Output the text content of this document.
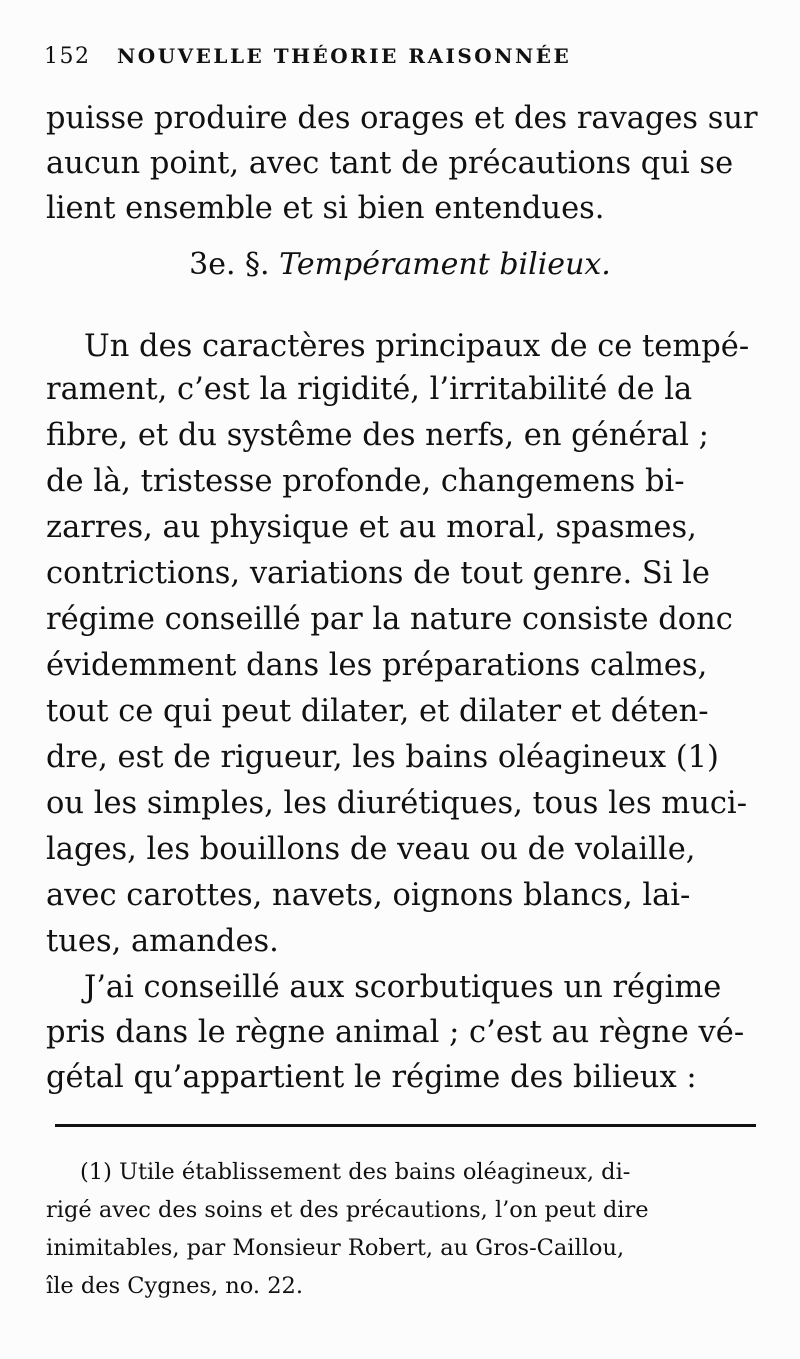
152 NOUVELLE THÉORIE RAISONNÉE
puisse produire des orages et des ravages sur
aucun point, avec tant de précautions qui se
lient ensemble et si bien entendues.
3e. §. Tempérament bilieux.
Un des caractères principaux de ce tempé-
rament, c’est la rigidité, l’irritabilité de la
fibre, et du systême des nerfs, en général ;
de là, tristesse profonde, changemens bi-
zarres, au physique et au moral, spasmes,
contrictions, variations de tout genre. Si le
régime conseillé par la nature consiste donc
évidemment dans les préparations calmes,
tout ce qui peut dilater, et dilater et déten-
dre, est de rigueur, les bains oléagineux (1)
ou les simples, les diurétiques, tous les muci-
lages, les bouillons de veau ou de volaille,
avec carottes, navets, oignons blancs, lai-
tues, amandes.
J’ai conseillé aux scorbutiques un régime
pris dans le règne animal ; c’est au règne vé-
gétal qu’appartient le régime des bilieux :
(1) Utile établissement des bains oléagineux, di-
rigé avec des soins et des précautions, l’on peut dire
inimitables, par Monsieur Robert, au Gros-Caillou,
île des Cygnes, no. 22.
